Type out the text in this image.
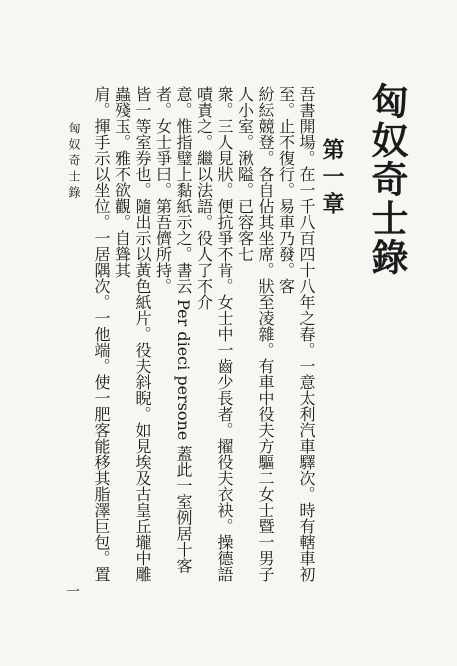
匈奴奇士錄
第一章

吾書開場。在一千八百四十八年之春。一意太利汽車驛次。時有轄車初至。止不復行。易車乃發。客

紛紜競登。各自佔其坐席。狀至凌雜。有車中役夫方驅二女士暨一男子人小室。湫隘。已容客七

衆。三人見狀。便抗爭不肯。女士中一齒少長者。擢役夫衣袂。操德語嘖責之。繼以法語。役人了不介

意。惟指璧上黏紙示之。書云 Per dieci persone 蓋此一室例居十客者。女士爭曰。第吾儕所持。

皆一等室券也。隨出示以黃色紙片。役夫斜睨。如見埃及古皇丘壠中雕蟲殘玉。雅不欲觀。自聳其

肩。揮手示以坐位。一居隅次。一他端。使一肥客能移其脂澤巨包。置

匈奴奇士錄
一
